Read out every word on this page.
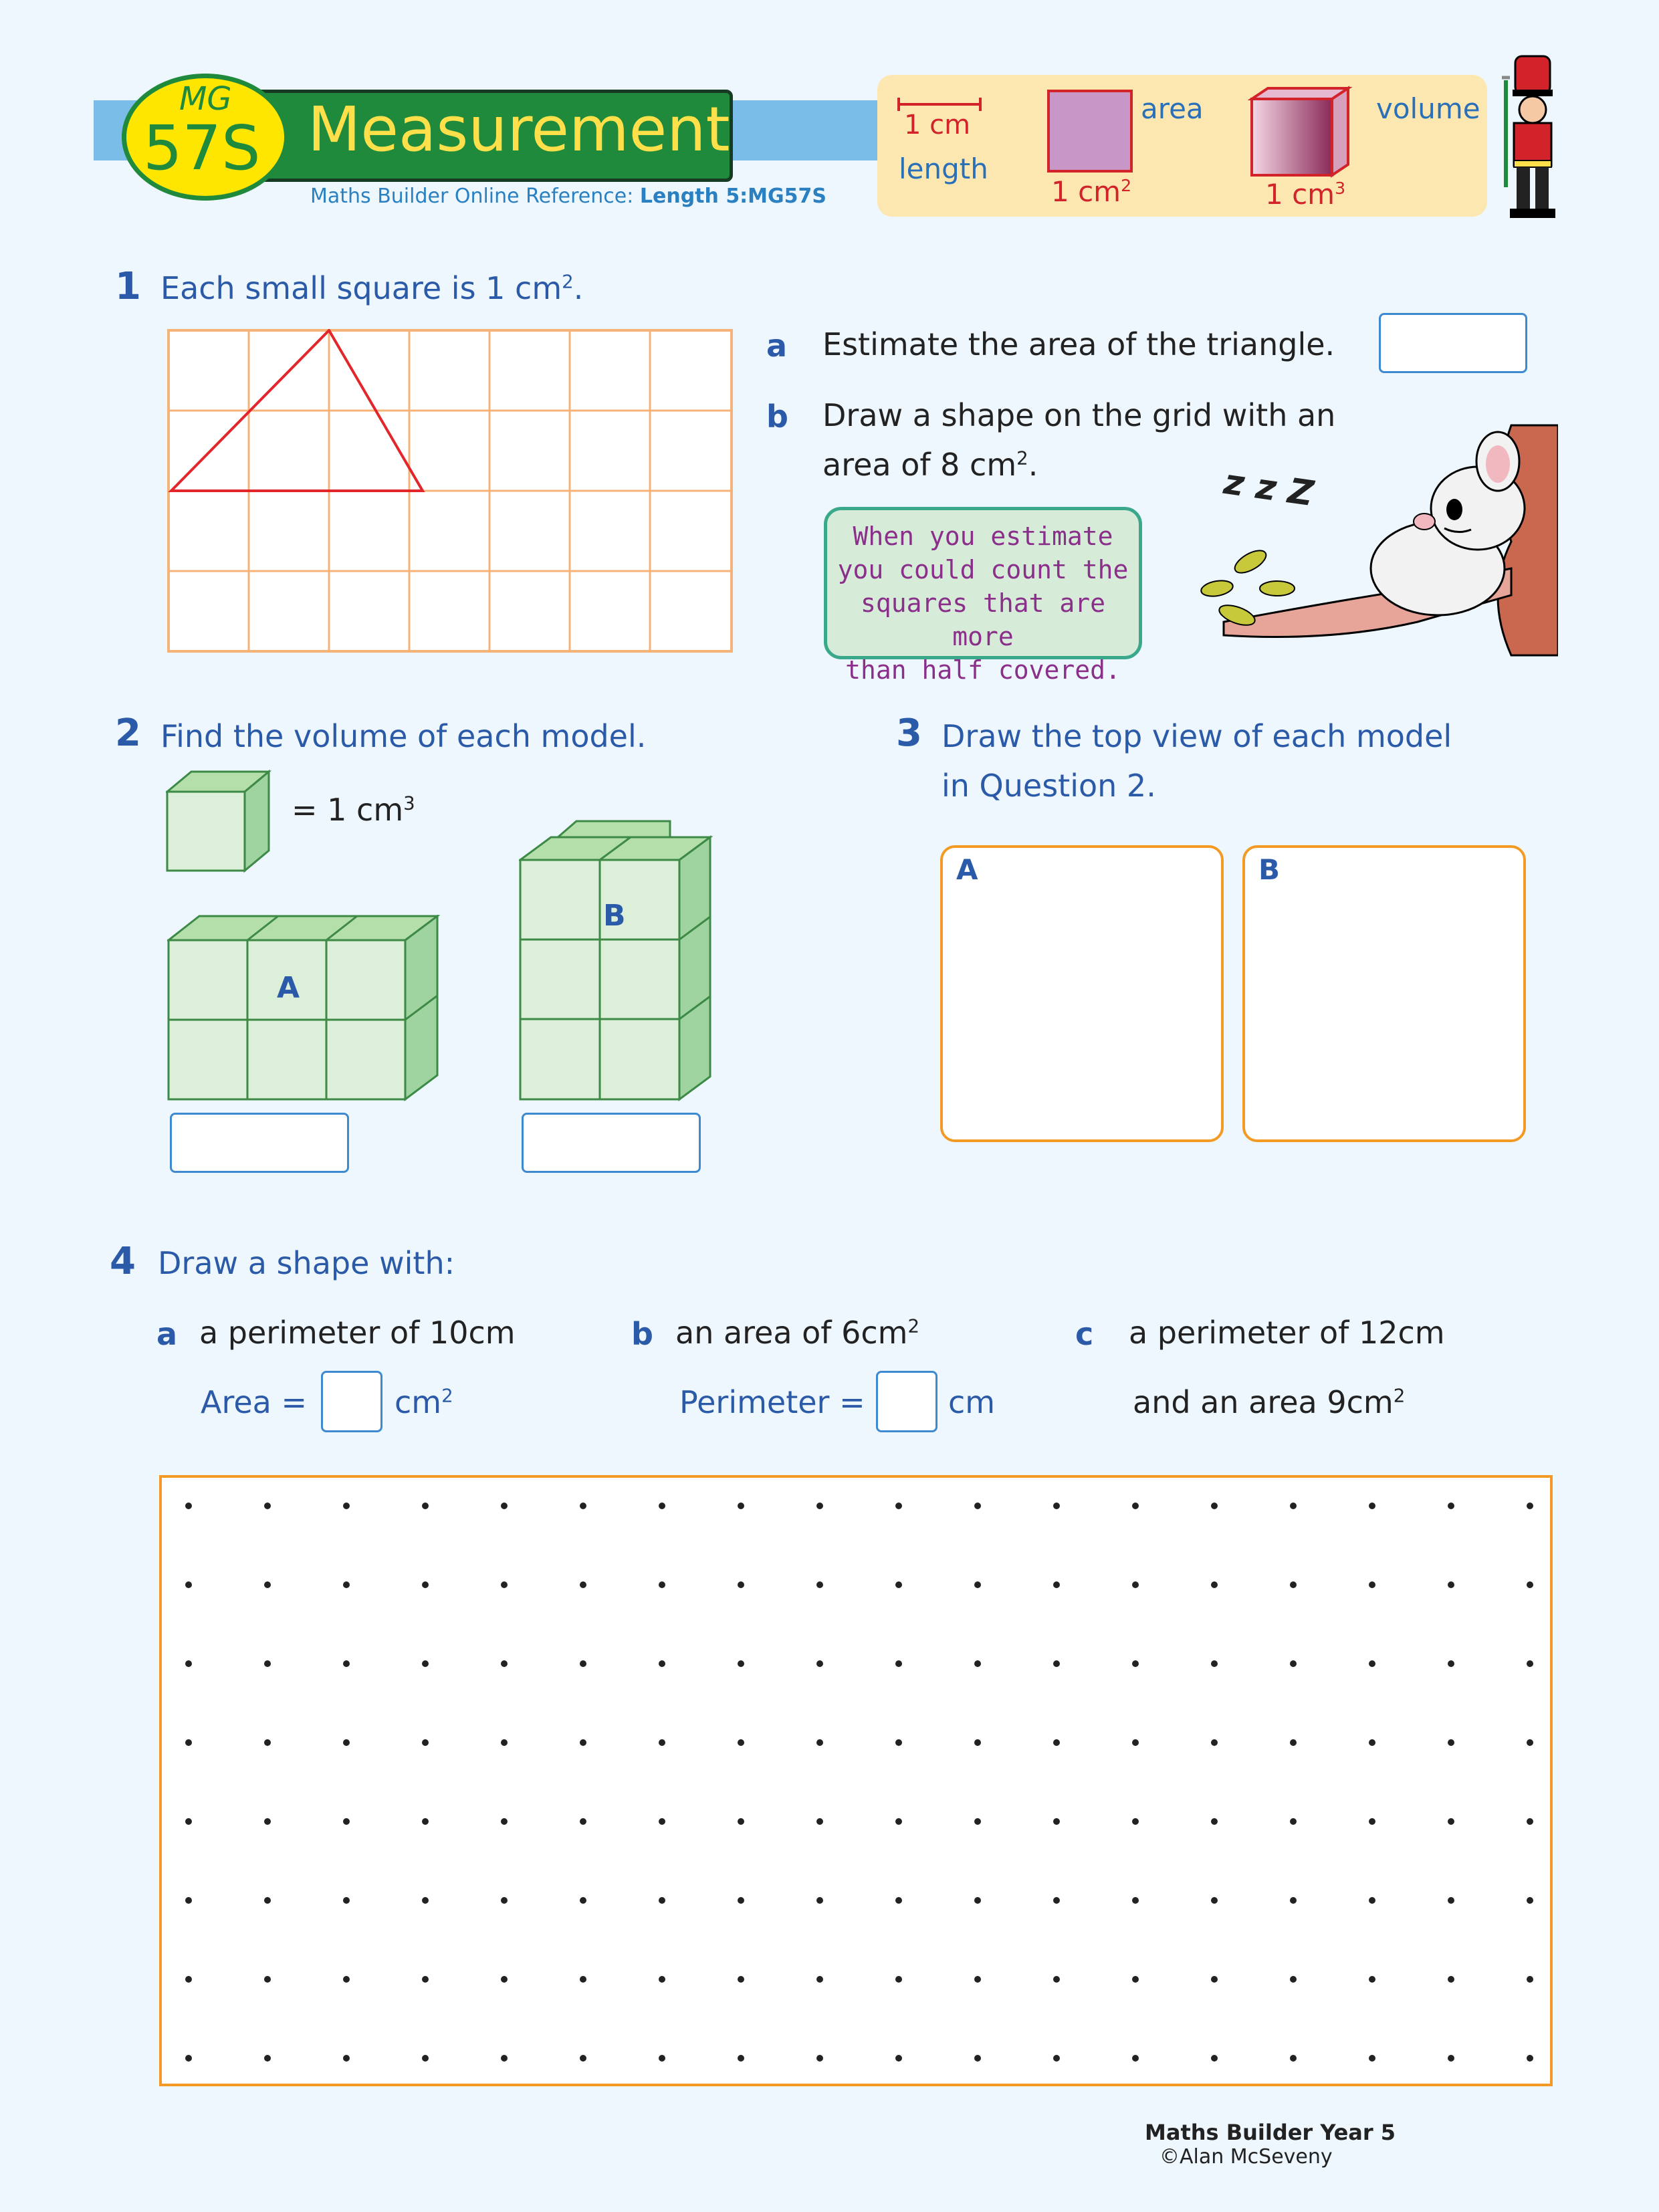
Measurement
MG
57S
Maths Builder Online Reference: Length 5:MG57S
1 cm
length
area
1 $cm^2$
volume
1 $cm^3$
1 Each small square is 1 $cm^2$.
a Estimate the area of the triangle.
b Draw a shape on the grid with an
area of 8 $cm^2$.
When you estimate
you could count the
squares that are more
than half covered.
z z Z
2 Find the volume of each model.
= 1 $cm^3$
A
B
3 Draw the top view of each model
in Question 2.
A	B
4 Draw a shape with:
a a perimeter of 10cm
Area =	$cm^2$
b an area of $6cm^2$
Perimeter =	cm
c a perimeter of 12cm
and an area $9cm^2$
Maths Builder Year 5
©Alan McSeveny
